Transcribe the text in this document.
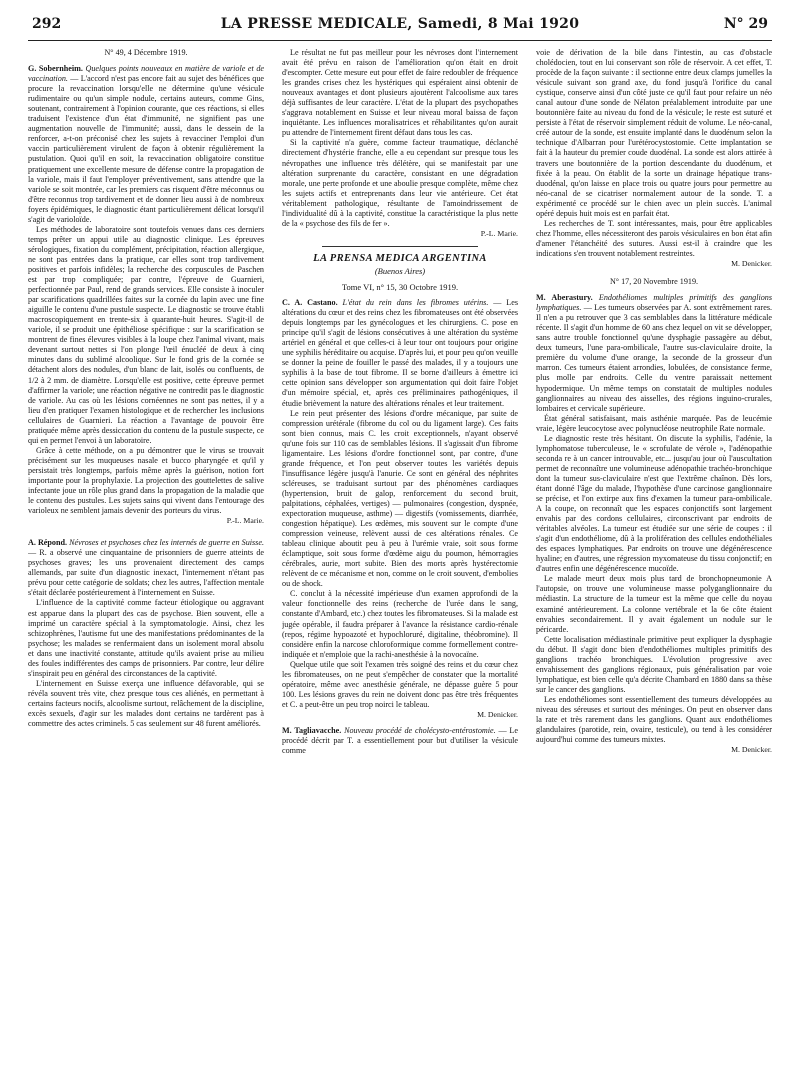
292	LA PRESSE MEDICALE, Samedi, 8 Mai 1920	N° 29

N° 49, 4 Décembre 1919.

G. Sobernheim. Quelques points nouveaux en matière de variole et de vaccination. — L'accord n'est pas encore fait au sujet des bénéfices que procure la revaccination lorsqu'elle ne détermine qu'une vésicule rudimentaire ou qu'un simple nodule, certains auteurs, comme Gins, soutenant, contrairement à l'opinion courante, que ces réactions, si elles traduisent l'existence d'un état d'immunité, ne signifient pas une augmentation nouvelle de l'immunité; aussi, dans le dessein de la renforcer, a-t-on préconisé chez les sujets à revacciner l'emploi d'un vaccin particulièrement virulent de façon à obtenir régulièrement la pustulation. Quoi qu'il en soit, la revaccination obligatoire constitue pratiquement une excellente mesure de défense contre la propagation de la variole, mais il faut l'employer préventivement, sans attendre que la variole se soit montrée, car les premiers cas risquent d'être méconnus ou d'être reconnus trop tardivement et de donner lieu aussi à de nombreux foyers épidémiques, le diagnostic étant particulièrement délicat lorsqu'il s'agit de varioloïde.

Les méthodes de laboratoire sont toutefois venues dans ces derniers temps prêter un appui utile au diagnostic clinique. Les épreuves sérologiques, fixation du complément, précipitation, réaction allergique, ne sont pas entrées dans la pratique, car elles sont trop tardivement positives et parfois infidèles; la recherche des corpuscules de Paschen est par trop compliquée; par contre, l'épreuve de Guarnieri, perfectionnée par Paul, rend de grands services. Elle consiste à inoculer par scarifications quadrillées faites sur la cornée du lapin avec une fine aiguille le contenu d'une pustule suspecte. Le diagnostic se trouve établi macroscopiquement en trente-six à quarante-huit heures. S'agit-il de variole, il se produit une épithéliose spécifique : sur la scarification se montrent de fines élevures visibles à la loupe chez l'animal vivant, mais devenant surtout nettes si l'on plonge l'œil énucléé de deux à cinq minutes dans du sublimé alcoolique. Sur le fond gris de la cornée se détachent alors des nodules, d'un blanc de lait, isolés ou confluents, de 1/2 à 2 mm. de diamètre. Lorsqu'elle est positive, cette épreuve permet d'affirmer la variole; une réaction négative ne contredit pas le diagnostic de variole. Au cas où les lésions cornéennes ne sont pas nettes, il y a lieu d'en pratiquer l'examen histologique et de rechercher les inclusions cellulaires de Guarnieri. La réaction a l'avantage de pouvoir être pratiquée même après dessiccation du contenu de la pustule suspecte, ce qui en permet l'envoi à un laboratoire.

Grâce à cette méthode, on a pu démontrer que le virus se trouvait précisément sur les muqueuses nasale et bucco pharyngée et qu'il y persistait très longtemps, parfois même après la guérison, notion fort importante pour la prophylaxie. La projection des gouttelettes de salive infectante joue un rôle plus grand dans la propagation de la maladie que le contenu des pustules. Les sujets sains qui vivent dans l'entourage des varioleux ne semblent jamais devenir des porteurs du virus.

P.-L. Marie.

A. Répond. Névroses et psychoses chez les internés de guerre en Suisse. — R. a observé une cinquantaine de prisonniers de guerre atteints de psychoses graves; les uns provenaient directement des camps allemands, par suite d'un diagnostic inexact, l'internement n'étant pas prévu pour cette catégorie de soldats; chez les autres, l'affection mentale s'était déclarée postérieurement à l'internement en Suisse.

L'influence de la captivité comme facteur étiologique ou aggravant est apparue dans la plupart des cas de psychose. Bien souvent, elle a imprimé un caractère spécial à la symptomatologie. Ainsi, chez les schizophrènes, l'autisme fut une des manifestations prédominantes de la psychose; les malades se renfermaient dans un isolement moral absolu et dans une inactivité constante, attitude qu'ils avaient prise au milieu des foules indifférentes des camps de prisonniers. Par contre, leur délire s'inspirait peu en général des circonstances de la captivité.

L'internement en Suisse exerça une influence défavorable, qui se révéla souvent très vite, chez presque tous ces aliénés, en permettant à certains facteurs nocifs, alcoolisme surtout, relâchement de la discipline, excès sexuels, d'agir sur les malades dont certains ne tardèrent pas à commettre des actes criminels. 5 cas seulement sur 48 furent améliorés.

Le résultat ne fut pas meilleur pour les névroses dont l'internement avait été prévu en raison de l'amélioration qu'on était en droit d'escompter. Cette mesure eut pour effet de faire redoubler de fréquence les grandes crises chez les hystériques qui espéraient ainsi obtenir de nouveaux avantages et dont plusieurs ajoutèrent l'alcoolisme aux tares déjà suffisantes de leur caractère. L'état de la plupart des psychopathes s'aggrava notablement en Suisse et leur niveau moral baissa de façon inquiétante. Les influences moralisatrices et réhabilitantes qu'on aurait pu attendre de l'internement firent défaut dans tous les cas.

Si la captivité n'a guère, comme facteur traumatique, déclanché directement d'hystérie franche, elle a eu cependant sur presque tous les névropathes une influence très délétère, qui se manifestait par une altération surprenante du caractère, consistant en une dégradation morale, une perte profonde et une aboulie presque complète, même chez les sujets actifs et entreprenants dans leur vie antérieure. Cet état véritablement pathologique, résultante de l'amoindrissement de l'individualité dû à la captivité, constitue la caractéristique la plus nette de la « psychose des fils de fer ».

P.-L. Marie.

LA PRENSA MEDICA ARGENTINA
(Buenos Aires)
Tome VI, n° 15, 30 Octobre 1919.

C. A. Castano. L'état du rein dans les fibromes utérins. — Les altérations du cœur et des reins chez les fibromateuses ont été observées depuis longtemps par les gynécologues et les chirurgiens. C. pose en principe qu'il s'agit de lésions consécutives à une altération du système artériel en général et que celles-ci à leur tour ont toujours pour origine une syphilis héréditaire ou acquise. D'après lui, et pour peu qu'on veuille se donner la peine de fouiller le passé des malades, il y a toujours une syphilis à la base de tout fibrome. Il se borne d'ailleurs à émettre ici cette opinion sans développer son argumentation qui doit faire l'objet d'un mémoire spécial, et, après ces préliminaires pathogéniques, il étudie brièvement la nature des altérations rénales et leur traitement.

Le rein peut présenter des lésions d'ordre mécanique, par suite de compression urétérale (fibrome du col ou du ligament large). Ces faits sont bien connus, mais C. les croit exceptionnels, n'ayant observé qu'une fois sur 110 cas de semblables lésions. Il s'agissait d'un fibrome ligamentaire. Les lésions d'ordre fonctionnel sont, par contre, d'une grande fréquence, et l'on peut observer toutes les variétés depuis l'insuffisance légère jusqu'à l'anurie. Ce sont en général des néphrites scléreuses, se traduisant surtout par des phénomènes cardiaques (hypertension, bruit de galop, renforcement du second bruit, palpitations, céphalées, vertiges) — pulmonaires (congestion, dyspnée, expectoration muqueuse, asthme) — digestifs (vomissements, diarrhée, congestion hépatique). Les œdèmes, mis souvent sur le compte d'une compression veineuse, relèvent aussi de ces altérations rénales. Ce tableau clinique aboutit peu à peu à l'urémie vraie, soit sous forme éclamptique, soit sous forme d'œdème aigu du poumon, hémorragies cérébrales, aurie, mort subite. Bien des morts après hystérectomie relèvent de ce mécanisme et non, comme on le croit souvent, d'embolies ou de shock.

C. conclut à la nécessité impérieuse d'un examen approfondi de la valeur fonctionnelle des reins (recherche de l'urée dans le sang, constante d'Ambard, etc.) chez toutes les fibromateuses. Si la malade est jugée opérable, il faudra préparer à l'avance la résistance cardio-rénale (repos, régime hypoazoté et hypochloruré, digitaline, théobromine). Il considère enfin la narcose chloroformique comme formellement contre-indiquée et n'emploie que la rachi-anesthésie à la novocaïne.

Quelque utile que soit l'examen très soigné des reins et du cœur chez les fibromateuses, on ne peut s'empêcher de constater que la mortalité opératoire, même avec anesthésie générale, ne dépasse guère 5 pour 100. Les lésions graves du rein ne doivent donc pas être très fréquentes et C. a peut-être un peu trop noirci le tableau.

M. Denicker.

M. Tagliavacche. Nouveau procédé de cholécysto-entérostomie. — Le procédé décrit par T. a essentiellement pour but d'utiliser la vésicule comme

voie de dérivation de la bile dans l'intestin, au cas d'obstacle cholédocien, tout en lui conservant son rôle de réservoir. A cet effet, T. procède de la façon suivante : il sectionne entre deux clamps jumelles la vésicule suivant son grand axe, du fond jusqu'à l'orifice du canal cystique, conserve ainsi d'un côté juste ce qu'il faut pour refaire un néo canal autour d'une sonde de Nélaton préalablement introduite par une boutonnière faite au niveau du fond de la vésicule; le reste est suturé et persiste à l'état de réservoir simplement réduit de volume. Le néo-canal, créé autour de la sonde, est ensuite implanté dans le duodénum selon la technique d'Albarran pour l'urétérocystostomie. Cette implantation se fait à la hauteur du premier coude duodénal. La sonde est alors attirée à travers une boutonnière de la portion descendante du duodénum, et fixée à la peau. On établit de la sorte un drainage hépatique trans-duodénal, qu'on laisse en place trois ou quatre jours pour permettre au néo-canal de se cicatriser normalement autour de la sonde. T. a expérimenté ce procédé sur le chien avec un plein succès. L'animal opéré depuis huit mois est en parfait état.

Les recherches de T. sont intéressantes, mais, pour être applicables chez l'homme, elles nécessiteront des parois vésiculaires en bon état afin d'amener l'étanchéité des sutures. Aussi est-il à craindre que les indications s'en trouvent notablement restreintes.

M. Denicker.

N° 17, 20 Novembre 1919.

M. Aberastury. Endothéliomes multiples primitifs des ganglions lymphatiques. — Les tumeurs observées par A. sont extrêmement rares. Il n'en a pu retrouver que 3 cas semblables dans la littérature médicale récente. Il s'agit d'un homme de 60 ans chez lequel on vit se développer, sans autre trouble fonctionnel qu'une dysphagie passagère au début, deux tumeurs, l'une para-ombilicale, l'autre sus-claviculaire droite, la première du volume d'une orange, la seconde de la grosseur d'un marron. Ces tumeurs étaient arrondies, lobulées, de consistance ferme, plus molle par endroits. Celle du ventre paraissait nettement hypodermique. Un même temps on constatait de multiples nodules ganglionnaires au niveau des aisselles, des régions inguino-crurales, lombaires et cervicale supérieure.

État général satisfaisant, mais asthénie marquée. Pas de leucémie vraie, légère leucocytose avec polynucléose neutrophile Rate normale.

Le diagnostic reste très hésitant. On discute la syphilis, l'adénie, la lymphomatose tuberculeuse, le « scrofulate de vérole », l'adénopathie seconda re à un cancer introuvable, etc... jusqu'au jour où l'auscultation permet de reconnaître une volumineuse adénopathie trachéo-bronchique dont la tumeur sus-claviculaire n'est que l'extrême chaînon. Dès lors, étant donné l'âge du malade, l'hypothèse d'une carcinose ganglionnaire se précise, et l'on extirpe aux fins d'examen la tumeur para-ombilicale. A la coupe, on reconnaît que les espaces conjonctifs sont largement envahis par des cordons cellulaires, circonscrivant par endroits de véritables alvéoles. La tumeur est étudiée sur une série de coupes : il s'agit d'un endothéliome, dû à la prolifération des cellules endothéliales des espaces lymphatiques. Par endroits on trouve une dégénérescence hyaline; en d'autres, une régression myxomateuse du tissu conjonctif; en d'autres enfin une dégénérescence mucoïde.

Le malade meurt deux mois plus tard de bronchopneumonie A l'autopsie, on trouve une volumineuse masse polyganglionnaire du médiastin. La structure de la tumeur est la même que celle du noyau examiné antérieurement. La colonne vertébrale et la 6e côte étaient envahies secondairement. Il y avait également un nodule sur le péricarde.

Cette localisation médiastinale primitive peut expliquer la dysphagie du début. Il s'agit donc bien d'endothéliomes multiples primitifs des ganglions trachéo bronchiques. L'évolution progressive avec envahissement des ganglions régionaux, puis généralisation par voie lymphatique, est bien celle qu'a décrite Chambard en 1880 dans sa thèse sur le cancer des ganglions.

Les endothéliomes sont essentiellement des tumeurs développées au niveau des séreuses et surtout des méninges. On peut en observer dans la rate et très rarement dans les ganglions. Quant aux endothéliomes glandulaires (parotide, rein, ovaire, testicule), ou tend à les considérer aujourd'hui comme des tumeurs mixtes.

M. Denicker.
